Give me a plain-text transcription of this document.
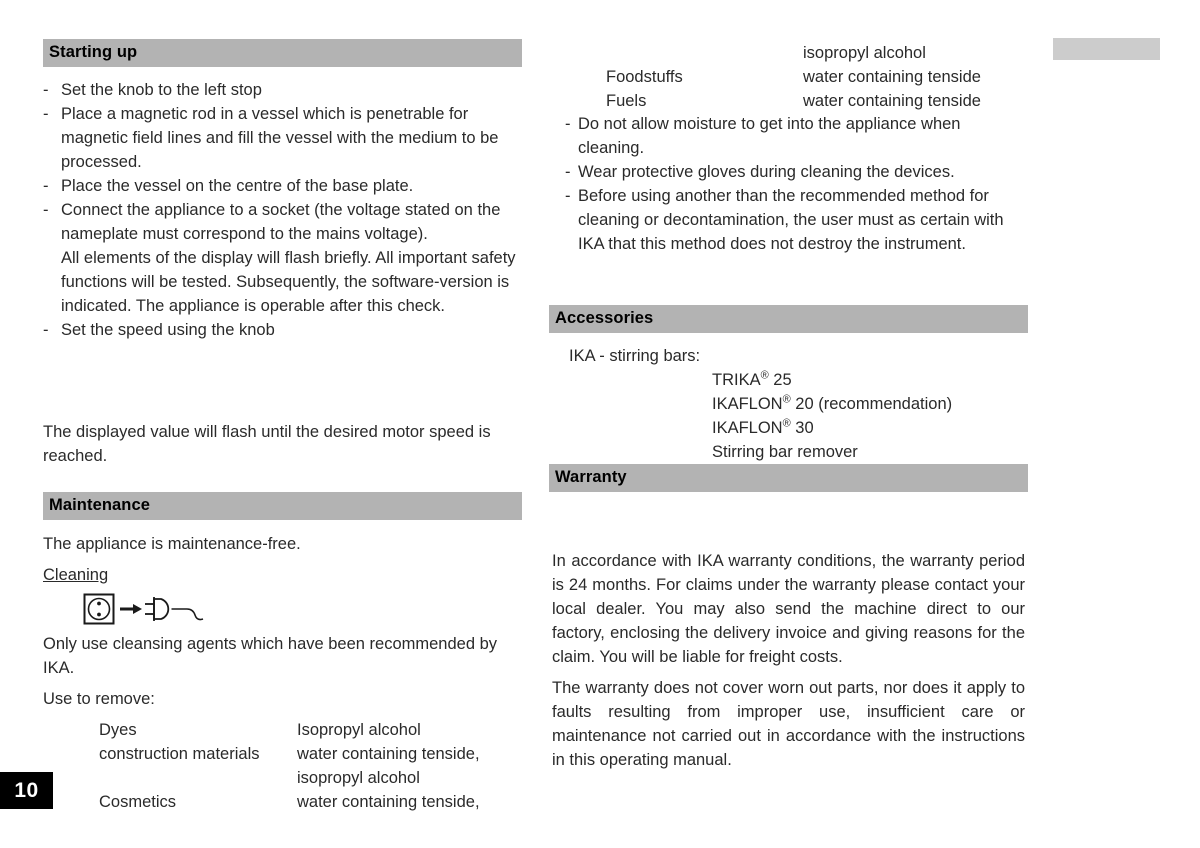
Starting up
- Set the knob to the left stop
- Place a magnetic rod in a vessel which is penetrable for magnetic field lines and fill the vessel with the medium to be processed.
- Place the vessel on the centre of the base plate.
- Connect the appliance to a socket (the voltage stated on the nameplate must correspond to the mains voltage).
All elements of the display will flash briefly. All important safety functions will be tested. Subsequently, the software-version is indicated. The appliance is operable after this check.
- Set the speed using the knob
The displayed value will flash until the desired motor speed is reached.
Maintenance
The appliance is maintenance-free.
Cleaning
Only use cleansing agents which have been recommended by IKA.
Use to remove:
Dyes	Isopropyl alcohol
construction materials	water containing tenside,
	isopropyl alcohol
Cosmetics	water containing tenside,
	isopropyl alcohol
Foodstuffs	water containing tenside
Fuels	water containing tenside
- Do not allow moisture to get into the appliance when cleaning.
- Wear protective gloves during cleaning the devices.
- Before using another than the recommended method for cleaning or decontamination, the user must as certain with IKA that this method does not destroy the instrument.
Accessories
IKA - stirring bars:
TRIKA® 25
IKAFLON® 20 (recommendation)
IKAFLON® 30
Stirring bar remover
Warranty
In accordance with IKA warranty conditions, the warranty period is 24 months. For claims under the warranty please contact your local dealer. You may also send the machine direct to our factory, enclosing the delivery invoice and giving reasons for the claim. You will be liable for freight costs.
The warranty does not cover worn out parts, nor does it apply to faults resulting from improper use, insufficient care or maintenance not carried out in accordance with the instructions in this operating manual.
10
